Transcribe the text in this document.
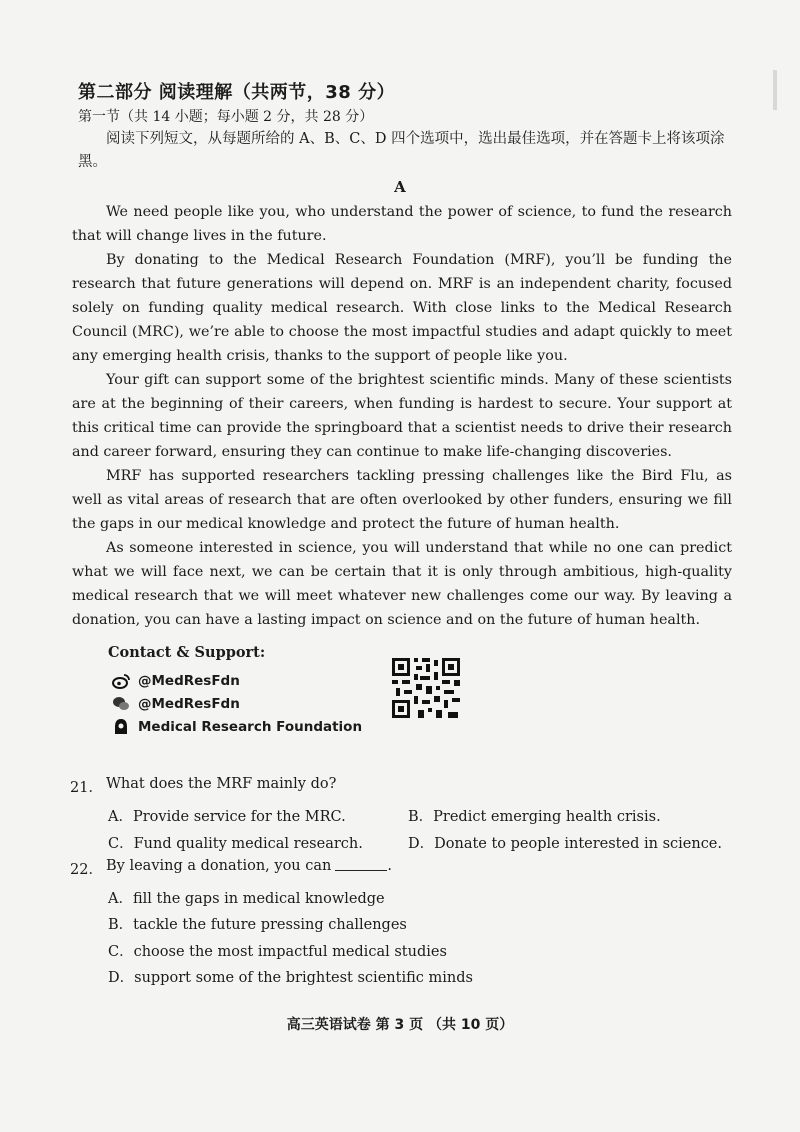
第二部分 阅读理解（共两节，38 分）
第一节（共 14 小题；每小题 2 分，共 28 分）
阅读下列短文，从每题所给的 A、B、C、D 四个选项中，选出最佳选项，并在答题卡上将该项涂黑。
A

We need people like you, who understand the power of science, to fund the research that will change lives in the future.

By donating to the Medical Research Foundation (MRF), you’ll be funding the research that future generations will depend on. MRF is an independent charity, focused solely on funding quality medical research. With close links to the Medical Research Council (MRC), we’re able to choose the most impactful studies and adapt quickly to meet any emerging health crisis, thanks to the support of people like you.

Your gift can support some of the brightest scientific minds. Many of these scientists are at the beginning of their careers, when funding is hardest to secure. Your support at this critical time can provide the springboard that a scientist needs to drive their research and career forward, ensuring they can continue to make life-changing discoveries.

MRF has supported researchers tackling pressing challenges like the Bird Flu, as well as vital areas of research that are often overlooked by other funders, ensuring we fill the gaps in our medical knowledge and protect the future of human health.

As someone interested in science, you will understand that while no one can predict what we will face next, we can be certain that it is only through ambitious, high-quality medical research that we will meet whatever new challenges come our way. By leaving a donation, you can have a lasting impact on science and on the future of human health.

Contact & Support:
@MedResFdn
@MedResFdn
Medical Research Foundation
21． What does the MRF mainly do?
A．Provide service for the MRC.	B．Predict emerging health crisis.
C．Fund quality medical research.	D．Donate to people interested in science.
22． By leaving a donation, you can	.
A．fill the gaps in medical knowledge
B．tackle the future pressing challenges
C．choose the most impactful medical studies
D．support some of the brightest scientific minds
高三英语试卷 第 3 页 （共 10 页）
